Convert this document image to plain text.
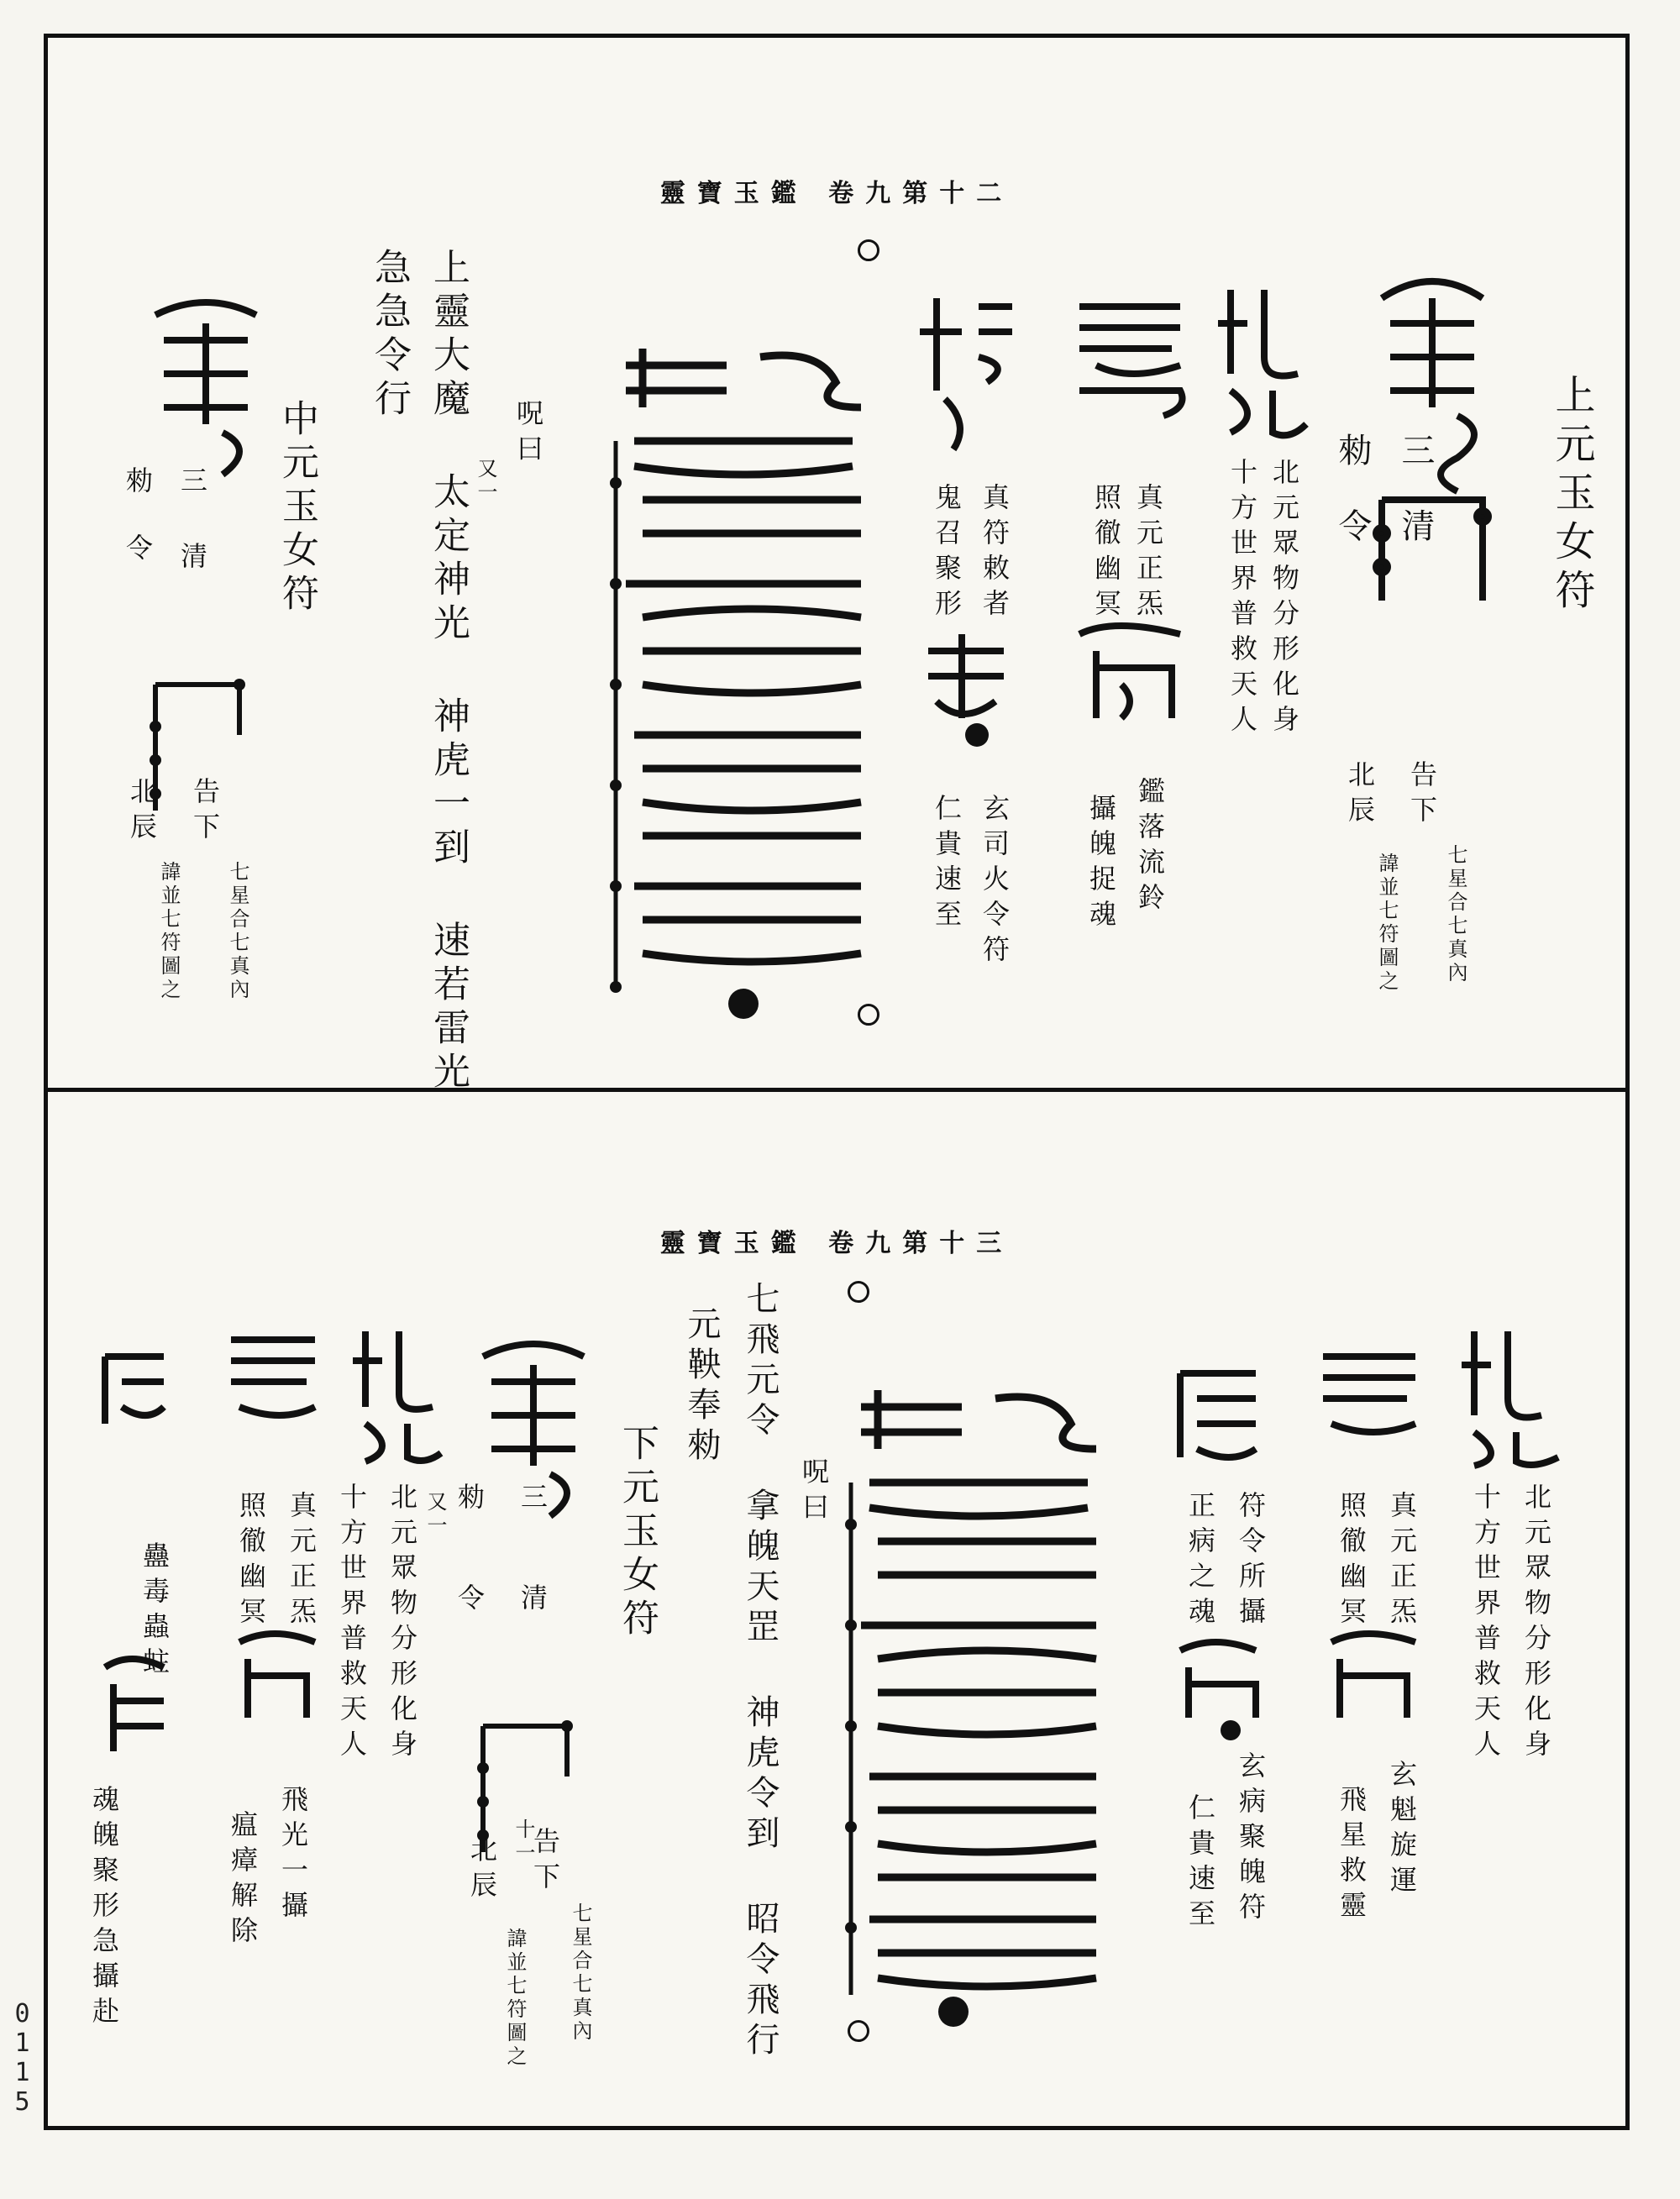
靈寶玉鑑 卷九第十二
上元玉女符
三
清
勑
令
告下
七星合七真內
北辰
諱並七符圖之
北元眾物分形化身
十方世界普救天人
真元正炁
照徹幽冥
鑑落流鈴
攝魄捉魂
真符敕者
鬼召聚形
玄司火令符
仁貴速至
呪曰
又一
上靈大魔 太定神光 神虎一到 速若雷光
急急令行
中元玉女符
三
清
勑
令
告下
七星合七真內
北辰
諱並七符圖之
靈寶玉鑑 卷九第十三
北元眾物分形化身
十方世界普救天人
真元正炁
照徹幽冥
玄魁旋運
飛星救靈
符令所攝
正病之魂
玄病聚魄符
仁貴速至
呪曰
七飛元令 拿魄天罡 神虎令到 昭令飛行
元鞅奉勑
下元玉女符
三
清
勑
令
告下
七星合七真內
十一
北辰
諱並七符圖之
又一
北元眾物分形化身
十方世界普救天人
真元正炁
照徹幽冥
飛光一攝
瘟瘴解除
蠱毒蟲蛀
魂魄聚形急攝赴
0115
